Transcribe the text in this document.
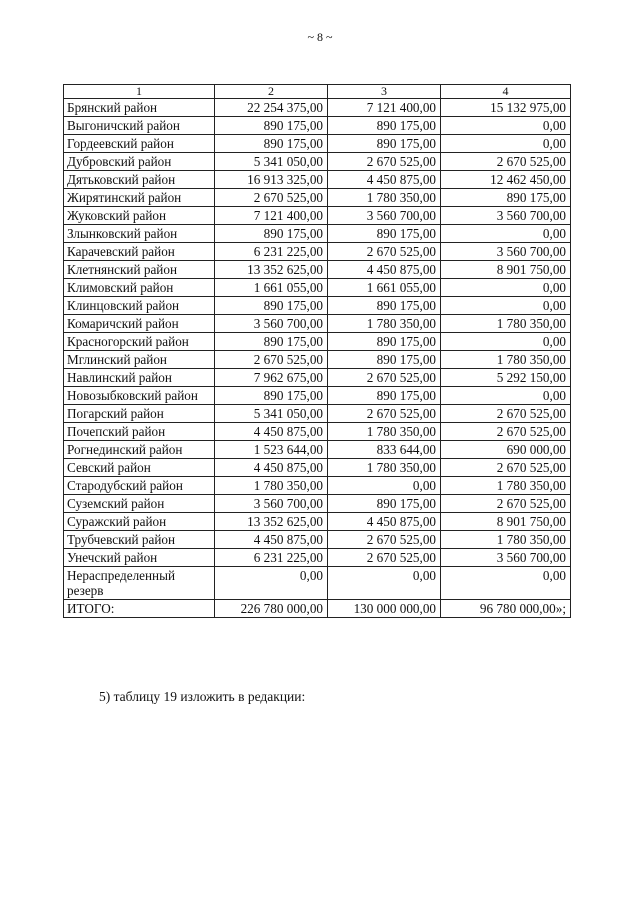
~ 8 ~
1	2	3	4
Брянский район	22 254 375,00	7 121 400,00	15 132 975,00
Выгоничский район	890 175,00	890 175,00	0,00
Гордеевский район	890 175,00	890 175,00	0,00
Дубровский район	5 341 050,00	2 670 525,00	2 670 525,00
Дятьковский район	16 913 325,00	4 450 875,00	12 462 450,00
Жирятинский район	2 670 525,00	1 780 350,00	890 175,00
Жуковский район	7 121 400,00	3 560 700,00	3 560 700,00
Злынковский район	890 175,00	890 175,00	0,00
Карачевский район	6 231 225,00	2 670 525,00	3 560 700,00
Клетнянский район	13 352 625,00	4 450 875,00	8 901 750,00
Климовский район	1 661 055,00	1 661 055,00	0,00
Клинцовский район	890 175,00	890 175,00	0,00
Комаричский район	3 560 700,00	1 780 350,00	1 780 350,00
Красногорский район	890 175,00	890 175,00	0,00
Мглинский район	2 670 525,00	890 175,00	1 780 350,00
Навлинский район	7 962 675,00	2 670 525,00	5 292 150,00
Новозыбковский район	890 175,00	890 175,00	0,00
Погарский район	5 341 050,00	2 670 525,00	2 670 525,00
Почепский район	4 450 875,00	1 780 350,00	2 670 525,00
Рогнединский район	1 523 644,00	833 644,00	690 000,00
Севский район	4 450 875,00	1 780 350,00	2 670 525,00
Стародубский район	1 780 350,00	0,00	1 780 350,00
Суземский район	3 560 700,00	890 175,00	2 670 525,00
Суражский район	13 352 625,00	4 450 875,00	8 901 750,00
Трубчевский район	4 450 875,00	2 670 525,00	1 780 350,00
Унечский район	6 231 225,00	2 670 525,00	3 560 700,00
Нераспределенный резерв	0,00	0,00	0,00
ИТОГО:	226 780 000,00	130 000 000,00	96 780 000,00»;
5) таблицу 19 изложить в редакции:
